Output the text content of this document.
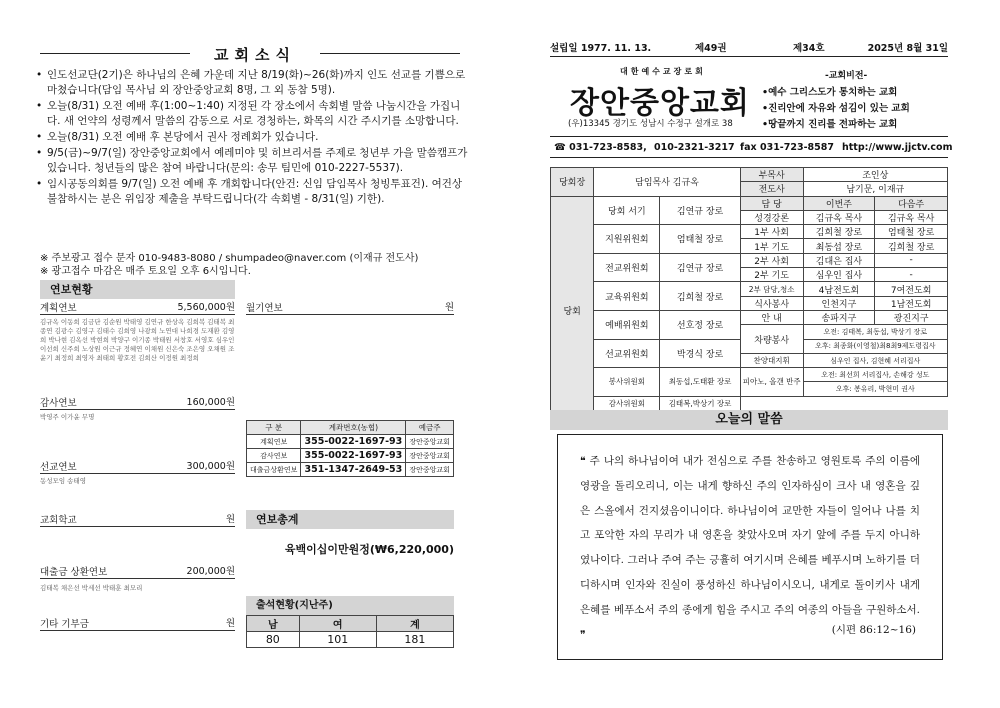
교회소식
• 인도선교단(2기)은 하나님의 은혜 가운데 지난 8/19(화)~26(화)까지 인도 선교를 기쁨으로 마쳤습니다(담임 목사님 외 장안중앙교회 8명, 그 외 동참 5명).
• 오늘(8/31) 오전 예배 후(1:00~1:40) 지정된 각 장소에서 속회별 말씀 나눔시간을 가집니다. 새 언약의 성령께서 말씀의 감동으로 서로 경청하는, 화목의 시간 주시기를 소망합니다.
• 오늘(8/31) 오전 예배 후 본당에서 권사 정례회가 있습니다.
• 9/5(금)~9/7(일) 장안중앙교회에서 예레미야 및 히브리서를 주제로 청년부 가을 말씀캠프가 있습니다. 청년들의 많은 참여 바랍니다(문의: 송무 팀민에 010-2227-5537).
• 임시공동의회를 9/7(일) 오전 예배 후 개회합니다(안건: 신임 담임목사 청빙투표건). 여건상 불참하시는 분은 위임장 제출을 부탁드립니다(각 속회별 - 8/31(일) 기한).
※ 주보광고 접수 문자 010-9483-8080 / shumpadeo@naver.com (이재규 전도사)
※ 광고접수 마감은 매주 토요일 오후 6시입니다.
연보현황
계획연보	5,560,000원 월기연보	원
김규옥 이동희 김금단 김순원 박태영 김연규 한상옥 김희복 김태복 최종연 김광수 김영구 김태수 김희영 나광희 노연대 나희경 도재환 김영희 박나현 김옥선 박현희 박양구 이기종 박태원 서창호 서영호 심우인 이선희 신주희 노상원 이근규 정혜연 이채원 신은숙 조은영 오채원 조윤기 최정희 최영자 최태희 황호전 김희산 이정원 최정희
감사연보	160,000원
박영주 이가윤 무명
선교연보	300,000원
동성모임 송태영
교회학교	원
대출금 상환연보	200,000원
김태복 채은선 박세선 박태훈 최모리
기타 기부금	원
구 분	계좌번호(농협)	예금주
계획연보	355-0022-1697-93	장안중앙교회
감사연보	355-0022-1697-93	장안중앙교회
대출금상환연보	351-1347-2649-53	장안중앙교회
연보총계
육백이십이만원정(₩6,220,000)
출석현황(지난주)
남	여	계
80	101	181
설립일 1977. 11. 13.	제49권	제34호	2025년 8월 31일
대한예수교장로회
장안중앙교회
(우)13345 경기도 성남시 수정구 설개로 38
-교회비전-
•예수 그리스도가 통치하는 교회
•진리안에 자유와 섬김이 있는 교회
•땅끝까지 진리를 전파하는 교회
☎ 031-723-8583, 010-2321-3217 fax 031-723-8587 http://www.jjctv.com
당회장	담임목사 김규옥		부목사	조인상	
			전도사	남기문, 이재규	
당회	당회 서기	김연규 장로	담 당	이번주	다음주
			성경강론	김규옥 목사	김규옥 목사
	지원위원회	엄태철 장로	1부 사회	김희철 장로	엄태철 장로
			1부 기도	최동섭 장로	김희철 장로
	전교위원회	김연규 장로	2부 사회	김대은 집사	-
			2부 기도	심우인 집사	-
	교육위원회	김희철 장로	2부 담당,청소	4남전도회	7여전도회
			식사봉사	인천지구	1남전도회
	예배위원회	선호정 장로	안 내	송파지구	광진지구
			차량봉사	오전: 김태복, 최동섭, 박상기 장로	
	선교위원회	박경식 장로		오후: 최종화(이영철)최8최9제도령집사	
			찬양대지휘	심우인 집사, 김현혜 서리집사	
	봉사위원회	최동섭,도태환 장로	피아노, 올갠 반주	오전: 최선희 서리집사, 손해강 성도	
				오후: 봉유리, 박현미 권사	
	감사위원회	김태복,박상기 장로			

오늘의 말씀
❝ 주 나의 하나님이여 내가 전심으로 주를 찬송하고 영원토록 주의 이름에 영광을 돌리오리니, 이는 내게 향하신 주의 인자하심이 크사 내 영혼을 깊은 스올에서 건지셨음이니이다. 하나님이여 교만한 자들이 일어나 나를 치고 포악한 자의 무리가 내 영혼을 찾았사오며 자기 앞에 주를 두지 아니하였나이다. 그러나 주여 주는 긍휼히 여기시며 은혜를 베푸시며 노하기를 더디하시며 인자와 진실이 풍성하신 하나님이시오니, 내게로 돌이키사 내게 은혜를 베푸소서 주의 종에게 힘을 주시고 주의 여종의 아들을 구원하소서. ❞	(시편 86:12~16)
